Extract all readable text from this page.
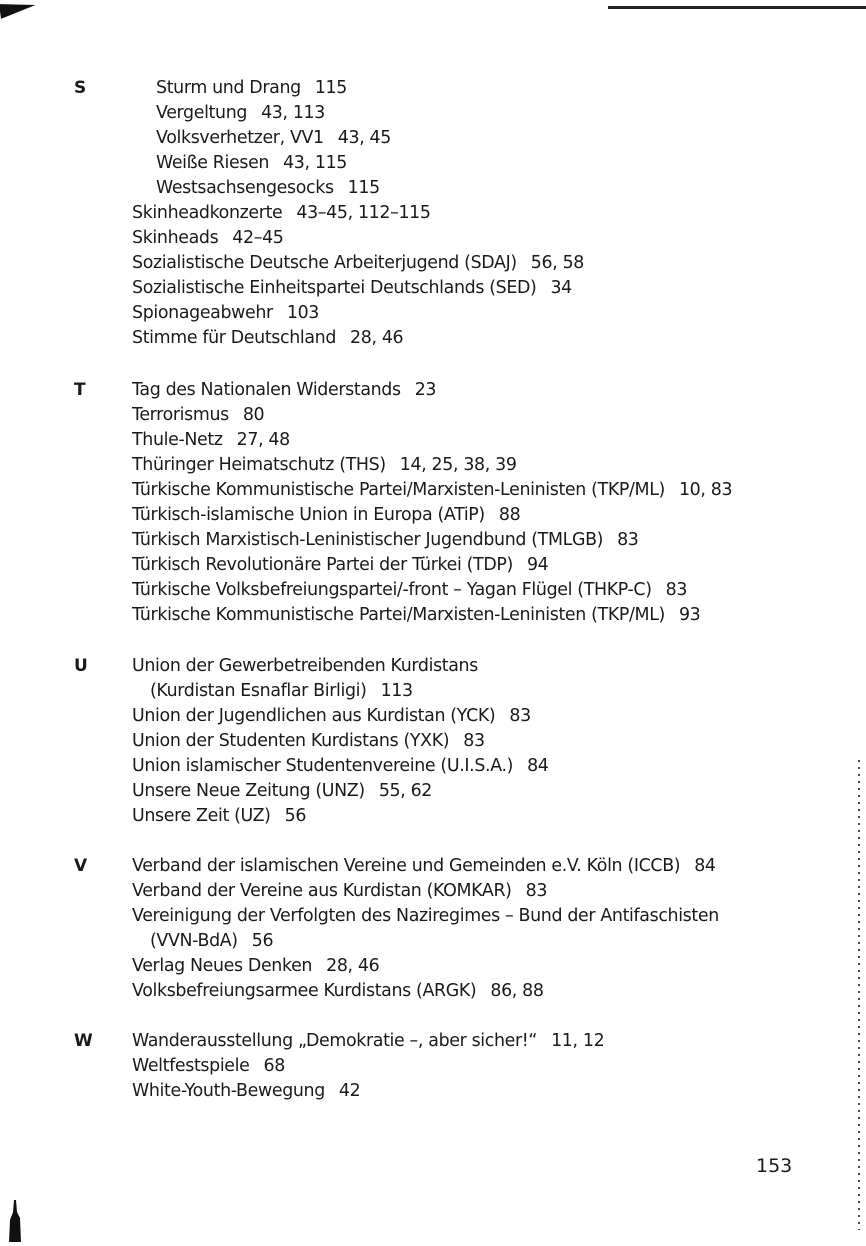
S	Sturm und Drang 115
Vergeltung 43, 113
Volksverhetzer, VV1 43, 45
Weiße Riesen 43, 115
Westsachsengesocks 115
Skinheadkonzerte 43–45, 112–115
Skinheads 42–45
Sozialistische Deutsche Arbeiterjugend (SDAJ) 56, 58
Sozialistische Einheitspartei Deutschlands (SED) 34
Spionageabwehr 103
Stimme für Deutschland 28, 46
T	Tag des Nationalen Widerstands 23
Terrorismus 80
Thule-Netz 27, 48
Thüringer Heimatschutz (THS) 14, 25, 38, 39
Türkische Kommunistische Partei/Marxisten-Leninisten (TKP/ML) 10, 83
Türkisch-islamische Union in Europa (ATiP) 88
Türkisch Marxistisch-Leninistischer Jugendbund (TMLGB) 83
Türkisch Revolutionäre Partei der Türkei (TDP) 94
Türkische Volksbefreiungspartei/-front – Yagan Flügel (THKP-C) 83
Türkische Kommunistische Partei/Marxisten-Leninisten (TKP/ML) 93
U	Union der Gewerbetreibenden Kurdistans
(Kurdistan Esnaflar Birligi) 113
Union der Jugendlichen aus Kurdistan (YCK) 83
Union der Studenten Kurdistans (YXK) 83
Union islamischer Studentenvereine (U.I.S.A.) 84
Unsere Neue Zeitung (UNZ) 55, 62
Unsere Zeit (UZ) 56
V	Verband der islamischen Vereine und Gemeinden e.V. Köln (ICCB) 84
Verband der Vereine aus Kurdistan (KOMKAR) 83
Vereinigung der Verfolgten des Naziregimes – Bund der Antifaschisten
(VVN-BdA) 56
Verlag Neues Denken 28, 46
Volksbefreiungsarmee Kurdistans (ARGK) 86, 88
W Wanderausstellung „Demokratie –, aber sicher!“ 11, 12
Weltfestspiele 68
White-Youth-Bewegung 42
153
